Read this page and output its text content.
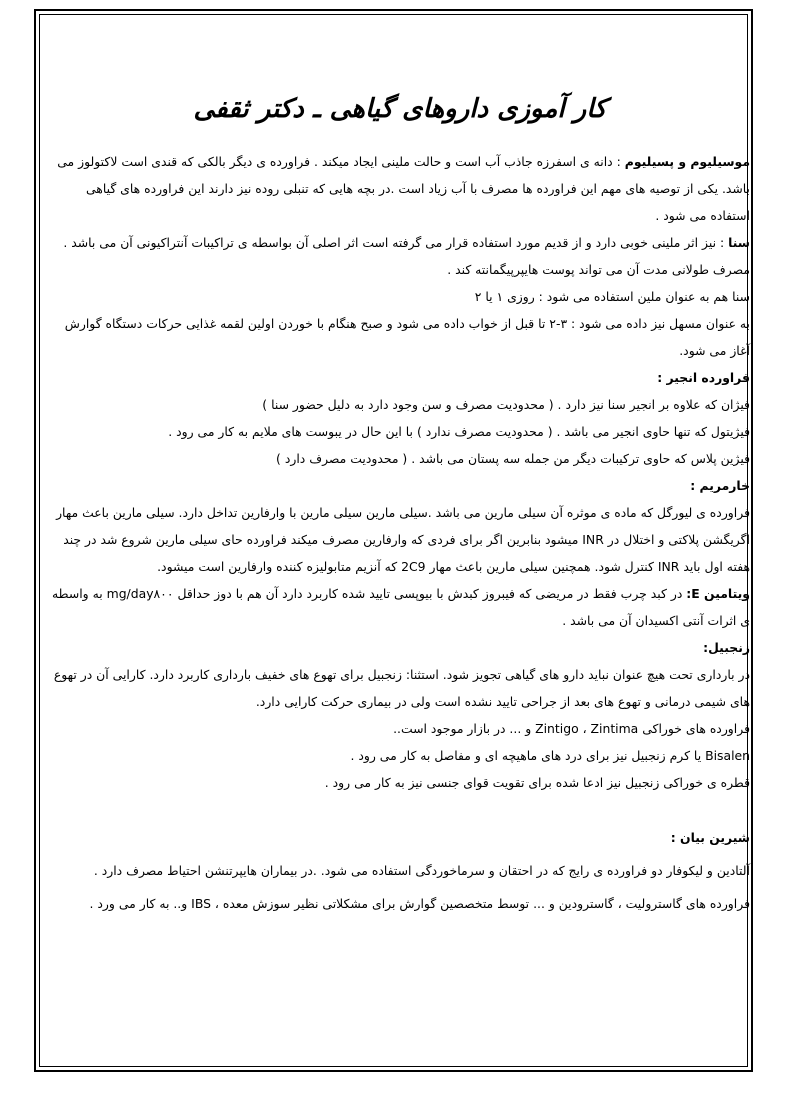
کار آموزی داروهای گیاهی ـ دکتر ثقفی

موسیلیوم و پسیلیوم : دانه ی اسفرزه جاذب آب است و حالت ملینی ایجاد میکند . فراورده ی دیگر بالکی که قندی است لاکتولوز می باشد. یکی از توصیه های مهم این فراورده ها مصرف با آب زیاد است .در بچه هایی که تنبلی روده نیز دارند این فراورده های گیاهی استفاده می شود .

سنا : نیز اثر ملینی خوبی دارد و از قدیم مورد استفاده قرار می گرفته است اثر اصلی آن بواسطه ی تراکیبات آنتراکیونی آن می باشد .

مصرف طولانی مدت آن می تواند پوست هایپرپیگمانته کند .

سنا هم به عنوان ملین استفاده می شود : روزی ۱ یا ۲

به عنوان مسهل نیز داده می شود : ۳-۲ تا قبل از خواب داده می شود و صبح هنگام با خوردن اولین لقمه غذایی حرکات دستگاه گوارش آغاز می شود.

فراورده انجیر :

فیژان که علاوه بر انجیر سنا نیز دارد . ( محدودیت مصرف و سن وجود دارد به دلیل حضور سنا )

فیژیتول که تنها حاوی انجیر می باشد . ( محدودیت مصرف ندارد ) با این حال در یبوست های ملایم به کار می رود .

فیژین پلاس که حاوی ترکیبات دیگر من جمله سه پستان می باشد . ( محدودیت مصرف دارد )

خارمریم :

فراورده ی لیورگل که ماده ی موثره آن سیلی مارین می باشد .سیلی مارین سیلی مارین با وارفارین تداخل دارد. سیلی مارین باعث مهار اگریگشن پلاکتی و اختلال در INR میشود بنابرین اگر برای فردی که وارفارین مصرف میکند فراورده حای سیلی مارین شروع شد در چند هفته اول باید INR کنترل شود. همچنین سیلی مارین باعث مهار 2C9 که آنزیم متابولیزه کننده وارفارین است میشود.

ویتامین E: در کبد چرب فقط در مریضی که فیبروز کبدش با بیوپسی تایید شده کاربرد دارد آن هم با دوز حداقل mg/day۸۰۰ به واسطه ی اثرات آنتی اکسیدان آن می باشد .

زنجبیل:

در بارداری تحت هیچ عنوان نباید دارو های گیاهی تجویز شود. استثنا: زنجبیل برای تهوع های خفیف بارداری کاربرد دارد. کارایی آن در تهوع های شیمی درمانی و تهوع های بعد از جراحی تایید نشده است ولی در بیماری حرکت کارایی دارد.

فراورده های خوراکی Zintigo ، Zintima و ... در بازار موجود است..

Bisalen یا کرم زنجبیل نیز برای درد های ماهیچه ای و مفاصل به کار می رود .

قطره ی خوراکی زنجبیل نیز ادعا شده برای تقویت قوای جنسی نیز به کار می رود .

شیرین بیان :

آلتادین و لیکوفار دو فراورده ی رایج که در احتقان و سرماخوردگی استفاده می شود. .در بیماران هایپرتنشن احتیاط مصرف دارد .

فراورده های گاسترولیت ، گاسترودین و ... توسط متخصصین گوارش برای مشکلاتی نظیر سوزش معده ، IBS و.. به کار می ورد .
